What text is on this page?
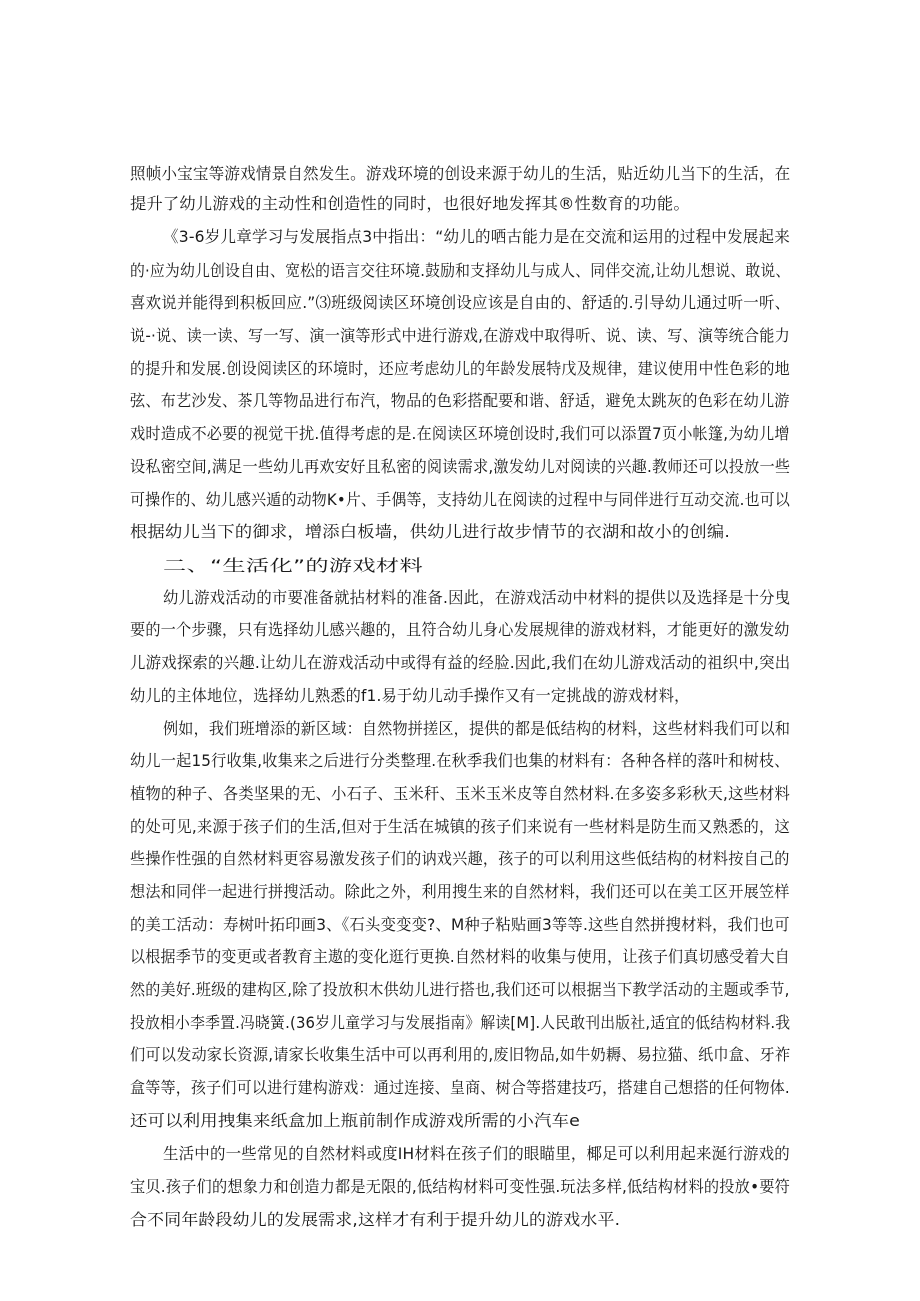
照帧小宝宝等游戏情景自然发生。游戏环境的创设来源于幼儿的生活，贴近幼儿当下的生活，在

提升了幼儿游戏的主动性和创造性的同时，也很好地发挥其®性数育的功能。

《3-6岁儿章学习与发展指点3中指出：“幼儿的哂古能力是在交流和运用的过程中发展起来

的·应为幼儿创设自由、宽松的语言交往环境.鼓励和支择幼儿与成人、同伴交流,让幼儿想说、敢说、

喜欢说并能得到积板回应.”⑶班级阅读区环境创设应该是自由的、舒适的.引导幼儿通过听一听、

说-·说、读一读、写一写、演一演等形式中进行游戏,在游戏中取得听、说、读、写、演等统合能力

的提升和发展.创设阅读区的环境时，还应考虑幼儿的年龄发展特戊及规律，建议使用中性色彩的地

弦、布艺沙发、茶几等物品进行布汽，物品的色彩搭配要和谐、舒适，避免太跳灰的色彩在幼儿游

戏时造成不必要的视觉干扰.值得考虑的是.在阅读区环境创设时,我们可以添置7页小帐篷,为幼儿增

设私密空间,满足一些幼儿再欢安好且私密的阅读需求,激发幼儿对阅读的兴趣.教师还可以投放一些

可操作的、幼儿感兴遁的动物K•片、手偶等，支持幼儿在阅读的过程中与同伴进行互动交流.也可以

根据幼儿当下的御求，增添白板墙，供幼儿进行故步情节的衣湖和故小的创编.

二、“生活化”的游戏材料

幼儿游戏活动的市要准备就拈材料的准备.因此，在游戏活动中材料的提供以及选择是十分曳

要的一个步骤，只有选择幼儿感兴趣的，且符合幼儿身心发展规律的游戏材料，才能更好的激发幼

儿游戏探索的兴趣.让幼儿在游戏活动中或得有益的经脸.因此,我们在幼儿游戏活动的祖织中,突出

幼儿的主体地位，选择幼儿熟悉的f1.易于幼儿动手操作又有一定挑战的游戏材料，

例如，我们班增添的新区域：自然物拼搓区，提供的都是低结构的材料，这些材料我们可以和

幼儿一起15行收集,收集来之后进行分类整理.在秋季我们也集的材料有：各种各样的落叶和树枝、

植物的种子、各类坚果的无、小石子、玉米秆、玉米玉米皮等自然材料.在多姿多彩秋天,这些材料

的处可见,来源于孩子们的生活,但对于生活在城镇的孩子们来说有一些材料是防生而又熟悉的，这

些操作性强的自然材料更容易激发孩子们的讷戏兴趣，孩子的可以利用这些低结构的材料按自己的

想法和同伴一起进行拼搜活动。除此之外，利用搜生来的自然材料，我们还可以在美工区开展笠样

的美工活动：寿树叶拓印画3、《石头变变变?、M种子粘贴画3等等.这些自然拼搜材料，我们也可

以根据季节的变更或者教育主遨的变化逛行更换.自然材料的收集与使用，让孩子们真切感受着大自

然的美好.班级的建构区,除了投放积木供幼儿进行搭也,我们还可以根据当下教学活动的主题或季节,

投放相小李季置.冯晓簧.(36岁儿童学习与发展指南》解读[M].人民敢刊出版社,适宜的低结构材料.我

们可以发动家长资源,请家长收集生活中可以再利用的,废旧物品,如牛奶耨、易拉猫、纸巾盒、牙祚

盒等等，孩子们可以进行建构游戏：通过连接、皇商、树合等搭建技巧，搭建自己想搭的任何物体.

还可以利用拽集来纸盒加上瓶前制作成游戏所需的小汽车e

生活中的一些常见的自然材料或度IH材料在孩子们的眼瞄里，椰足可以利用起来涎行游戏的

宝贝.孩子们的想象力和创造力都是无限的,低结构材料可变性强.玩法多样,低结构材料的投放•要符

合不同年龄段幼儿的发展需求,这样才有利于提升幼儿的游戏水平.
